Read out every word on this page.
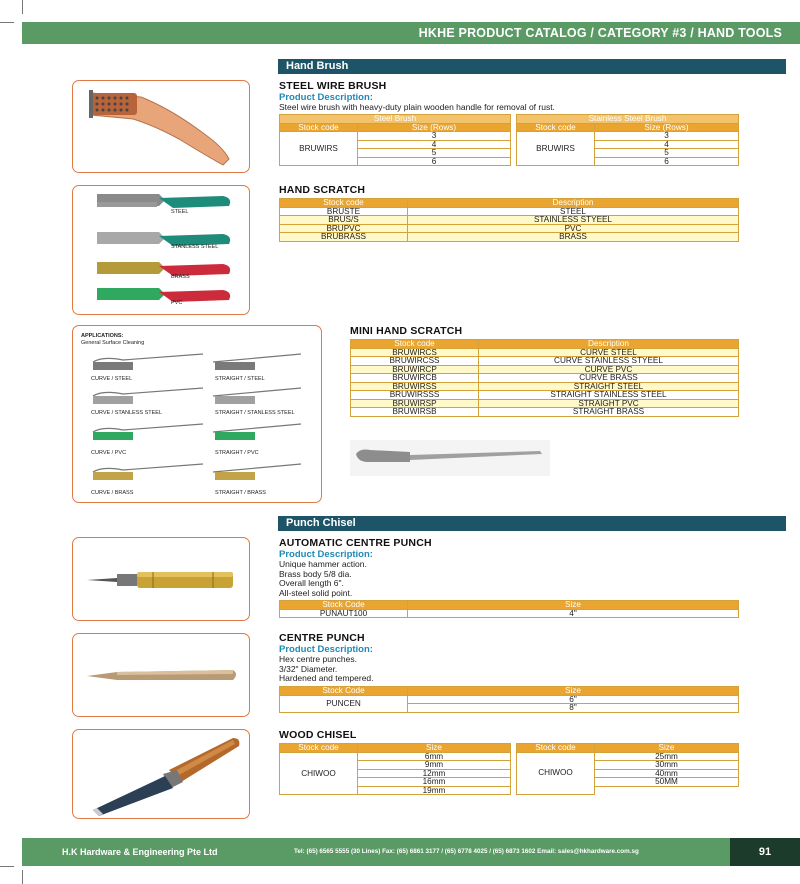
HKHE PRODUCT CATALOG / CATEGORY #3 / HAND TOOLS
Hand Brush
STEEL WIRE BRUSH
Product Description:
Steel wire brush with heavy-duty plain wooden handle for removal of rust.
Steel Brush	
Stock code	Size (Rows)
BRUWIRS	3
	4
	5
	6
Stainless Steel Brush	
Stock code	Size (Rows)
BRUWIRS	3
	4
	5
	6
HAND SCRATCH
Stock code	Description
BRUSTE	STEEL
BRUS/S	STAINLESS STYEEL
BRUPVC	PVC
BRUBRASS	BRASS
STEEL
STANLESS STEEL
BRASS
PVC
APPLICATIONS:
General Surface Cleaning
CURVE / STEEL	STRAIGHT / STEEL
CURVE / STANLESS STEEL	STRAIGHT / STANLESS STEEL
CURVE / PVC	STRAIGHT / PVC
CURVE / BRASS	STRAIGHT / BRASS
MINI HAND SCRATCH
Stock code	Description
BRUWIRCS	CURVE STEEL
BRUWIRCSS	CURVE STAINLESS STYEEL
BRUWIRCP	CURVE PVC
BRUWIRCB	CURVE BRASS
BRUWIRSS	STRAIGHT STEEL
BRUWIRSSS	STRAIGHT STAINLESS STEEL
BRUWIRSP	STRAIGHT PVC
BRUWIRSB	STRAIGHT BRASS
Punch Chisel
AUTOMATIC CENTRE PUNCH
Product Description:
Unique hammer action.
Brass body 5/8 dia.
Overall length 6".
All-steel solid point.
Stock Code	Size
PUNAUT100	4"
CENTRE PUNCH
Product Description:
Hex centre punches.
3/32" Diameter.
Hardened and tempered.
Stock Code	Size
PUNCEN	6"
	8"
WOOD CHISEL
Stock code	Size
CHIWOO	6mm
	9mm
	12mm
	16mm
	19mm
Stock code	Size
CHIWOO	25mm
	30mm
	40mm
	50MM

H.K Hardware & Engineering Pte Ltd	Tel: (65) 6565 5555 (30 Lines) Fax: (65) 6861 3177 / (65) 6778 4025 / (65) 6873 1602 Email: sales@hkhardware.com.sg	91
